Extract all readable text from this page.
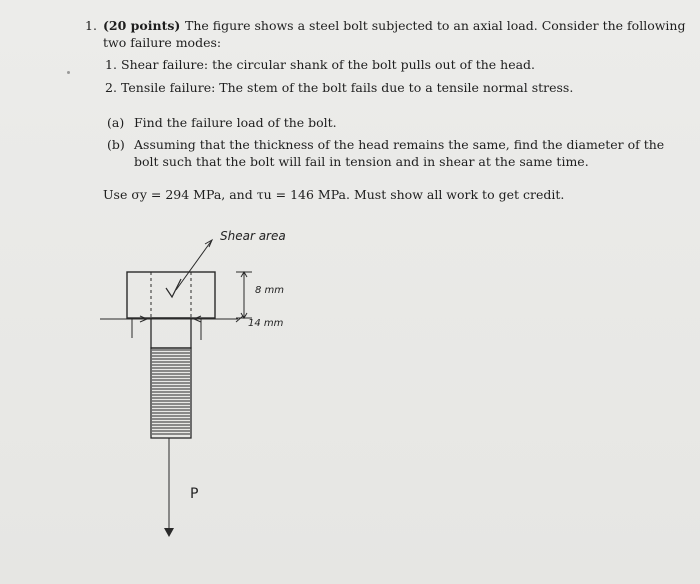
1. (20 points) The figure shows a steel bolt subjected to an axial load. Consider the following
two failure modes:
1. Shear failure: the circular shank of the bolt pulls out of the head.
2. Tensile failure: The stem of the bolt fails due to a tensile normal stress.
(a) Find the failure load of the bolt.
(b) Assuming that the thickness of the head remains the same, find the diameter of the
bolt such that the bolt will fail in tension and in shear at the same time.
Use σy = 294 MPa, and τu = 146 MPa. Must show all work to get credit.
Shear area
8 mm
14 mm
P
